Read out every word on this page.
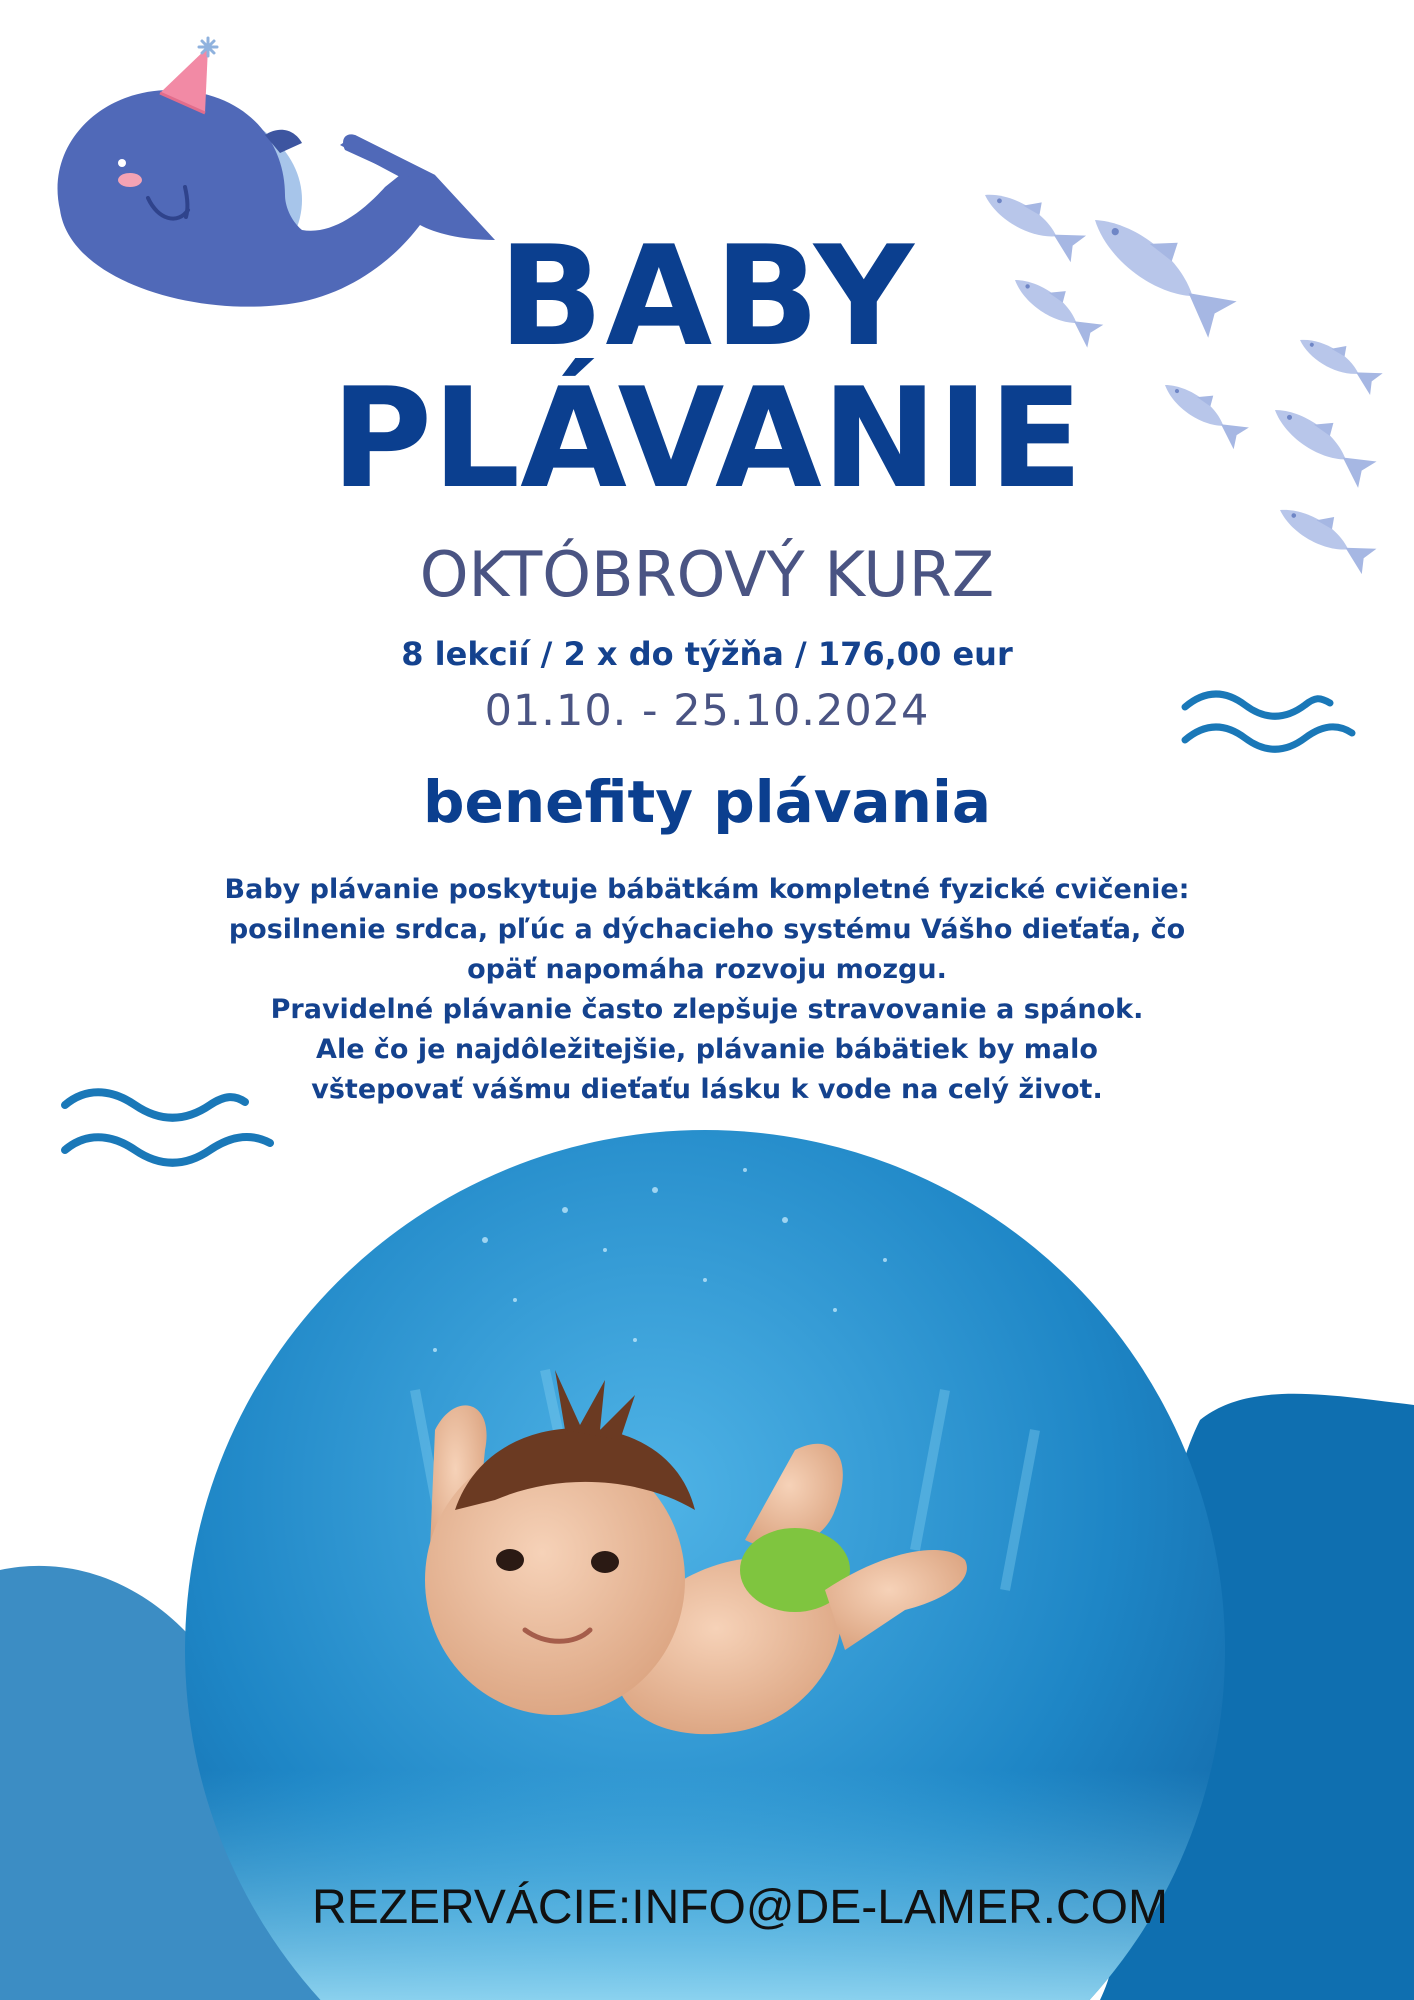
BABY
PLÁVANIE
OKTÓBROVÝ KURZ
8 lekcií / 2 x do týžňa / 176,00 eur
01.10. - 25.10.2024
benefity plávania
Baby plávanie poskytuje bábätkám kompletné fyzické cvičenie:
posilnenie srdca, pľúc a dýchacieho systému Vášho dieťaťa, čo
opäť napomáha rozvoju mozgu.
Pravidelné plávanie často zlepšuje stravovanie a spánok.
Ale čo je najdôležitejšie, plávanie bábätiek by malo
vštepovať vášmu dieťaťu lásku k vode na celý život.
REZERVÁCIE:INFO@DE-LAMER.COM
